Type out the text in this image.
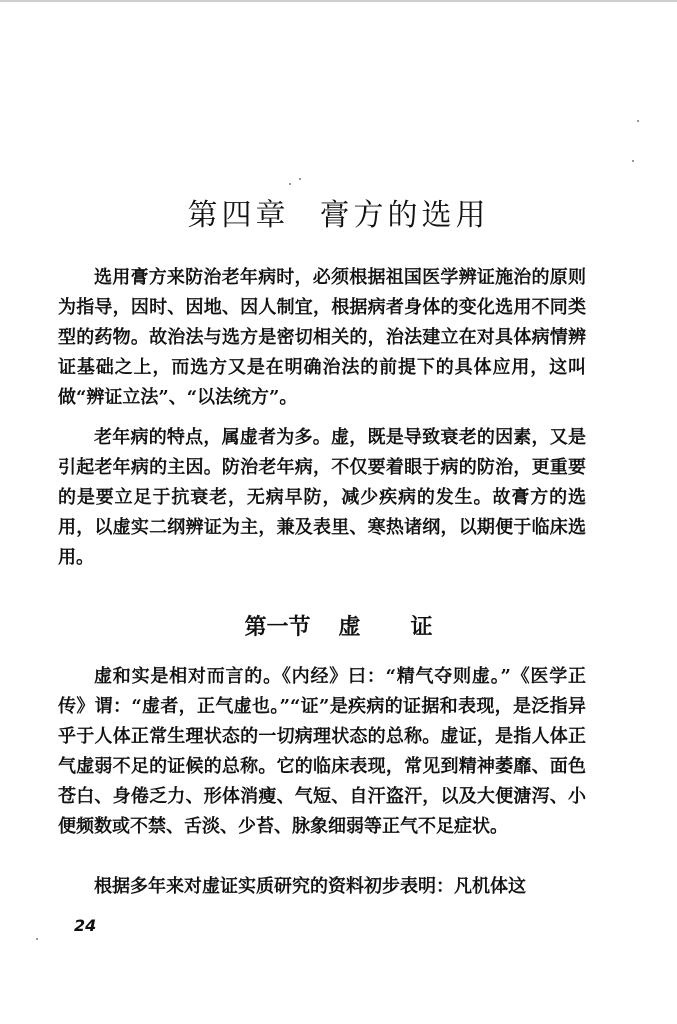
第四章 膏方的选用

选用膏方来防治老年病时，必须根据祖国医学辨证施治的原则为指导，因时、因地、因人制宜，根据病者身体的变化选用不同类型的药物。故治法与选方是密切相关的，治法建立在对具体病情辨证基础之上，而选方又是在明确治法的前提下的具体应用，这叫做“辨证立法”、“以法统方”。

老年病的特点，属虚者为多。虚，既是导致衰老的因素，又是引起老年病的主因。防治老年病，不仅要着眼于病的防治，更重要的是要立足于抗衰老，无病早防，减少疾病的发生。故膏方的选用，以虚实二纲辨证为主，兼及表里、寒热诸纲，以期便于临床选用。

第一节 虚 证

虚和实是相对而言的。《内经》曰：“精气夺则虚。”《医学正传》谓：“虚者，正气虚也。”“证”是疾病的证据和表现，是泛指异乎于人体正常生理状态的一切病理状态的总称。虚证，是指人体正气虚弱不足的证候的总称。它的临床表现，常见到精神萎靡、面色苍白、身倦乏力、形体消瘦、气短、自汗盗汗，以及大便溏泻、小便频数或不禁、舌淡、少苔、脉象细弱等正气不足症状。

根据多年来对虚证实质研究的资料初步表明：凡机体这

24
